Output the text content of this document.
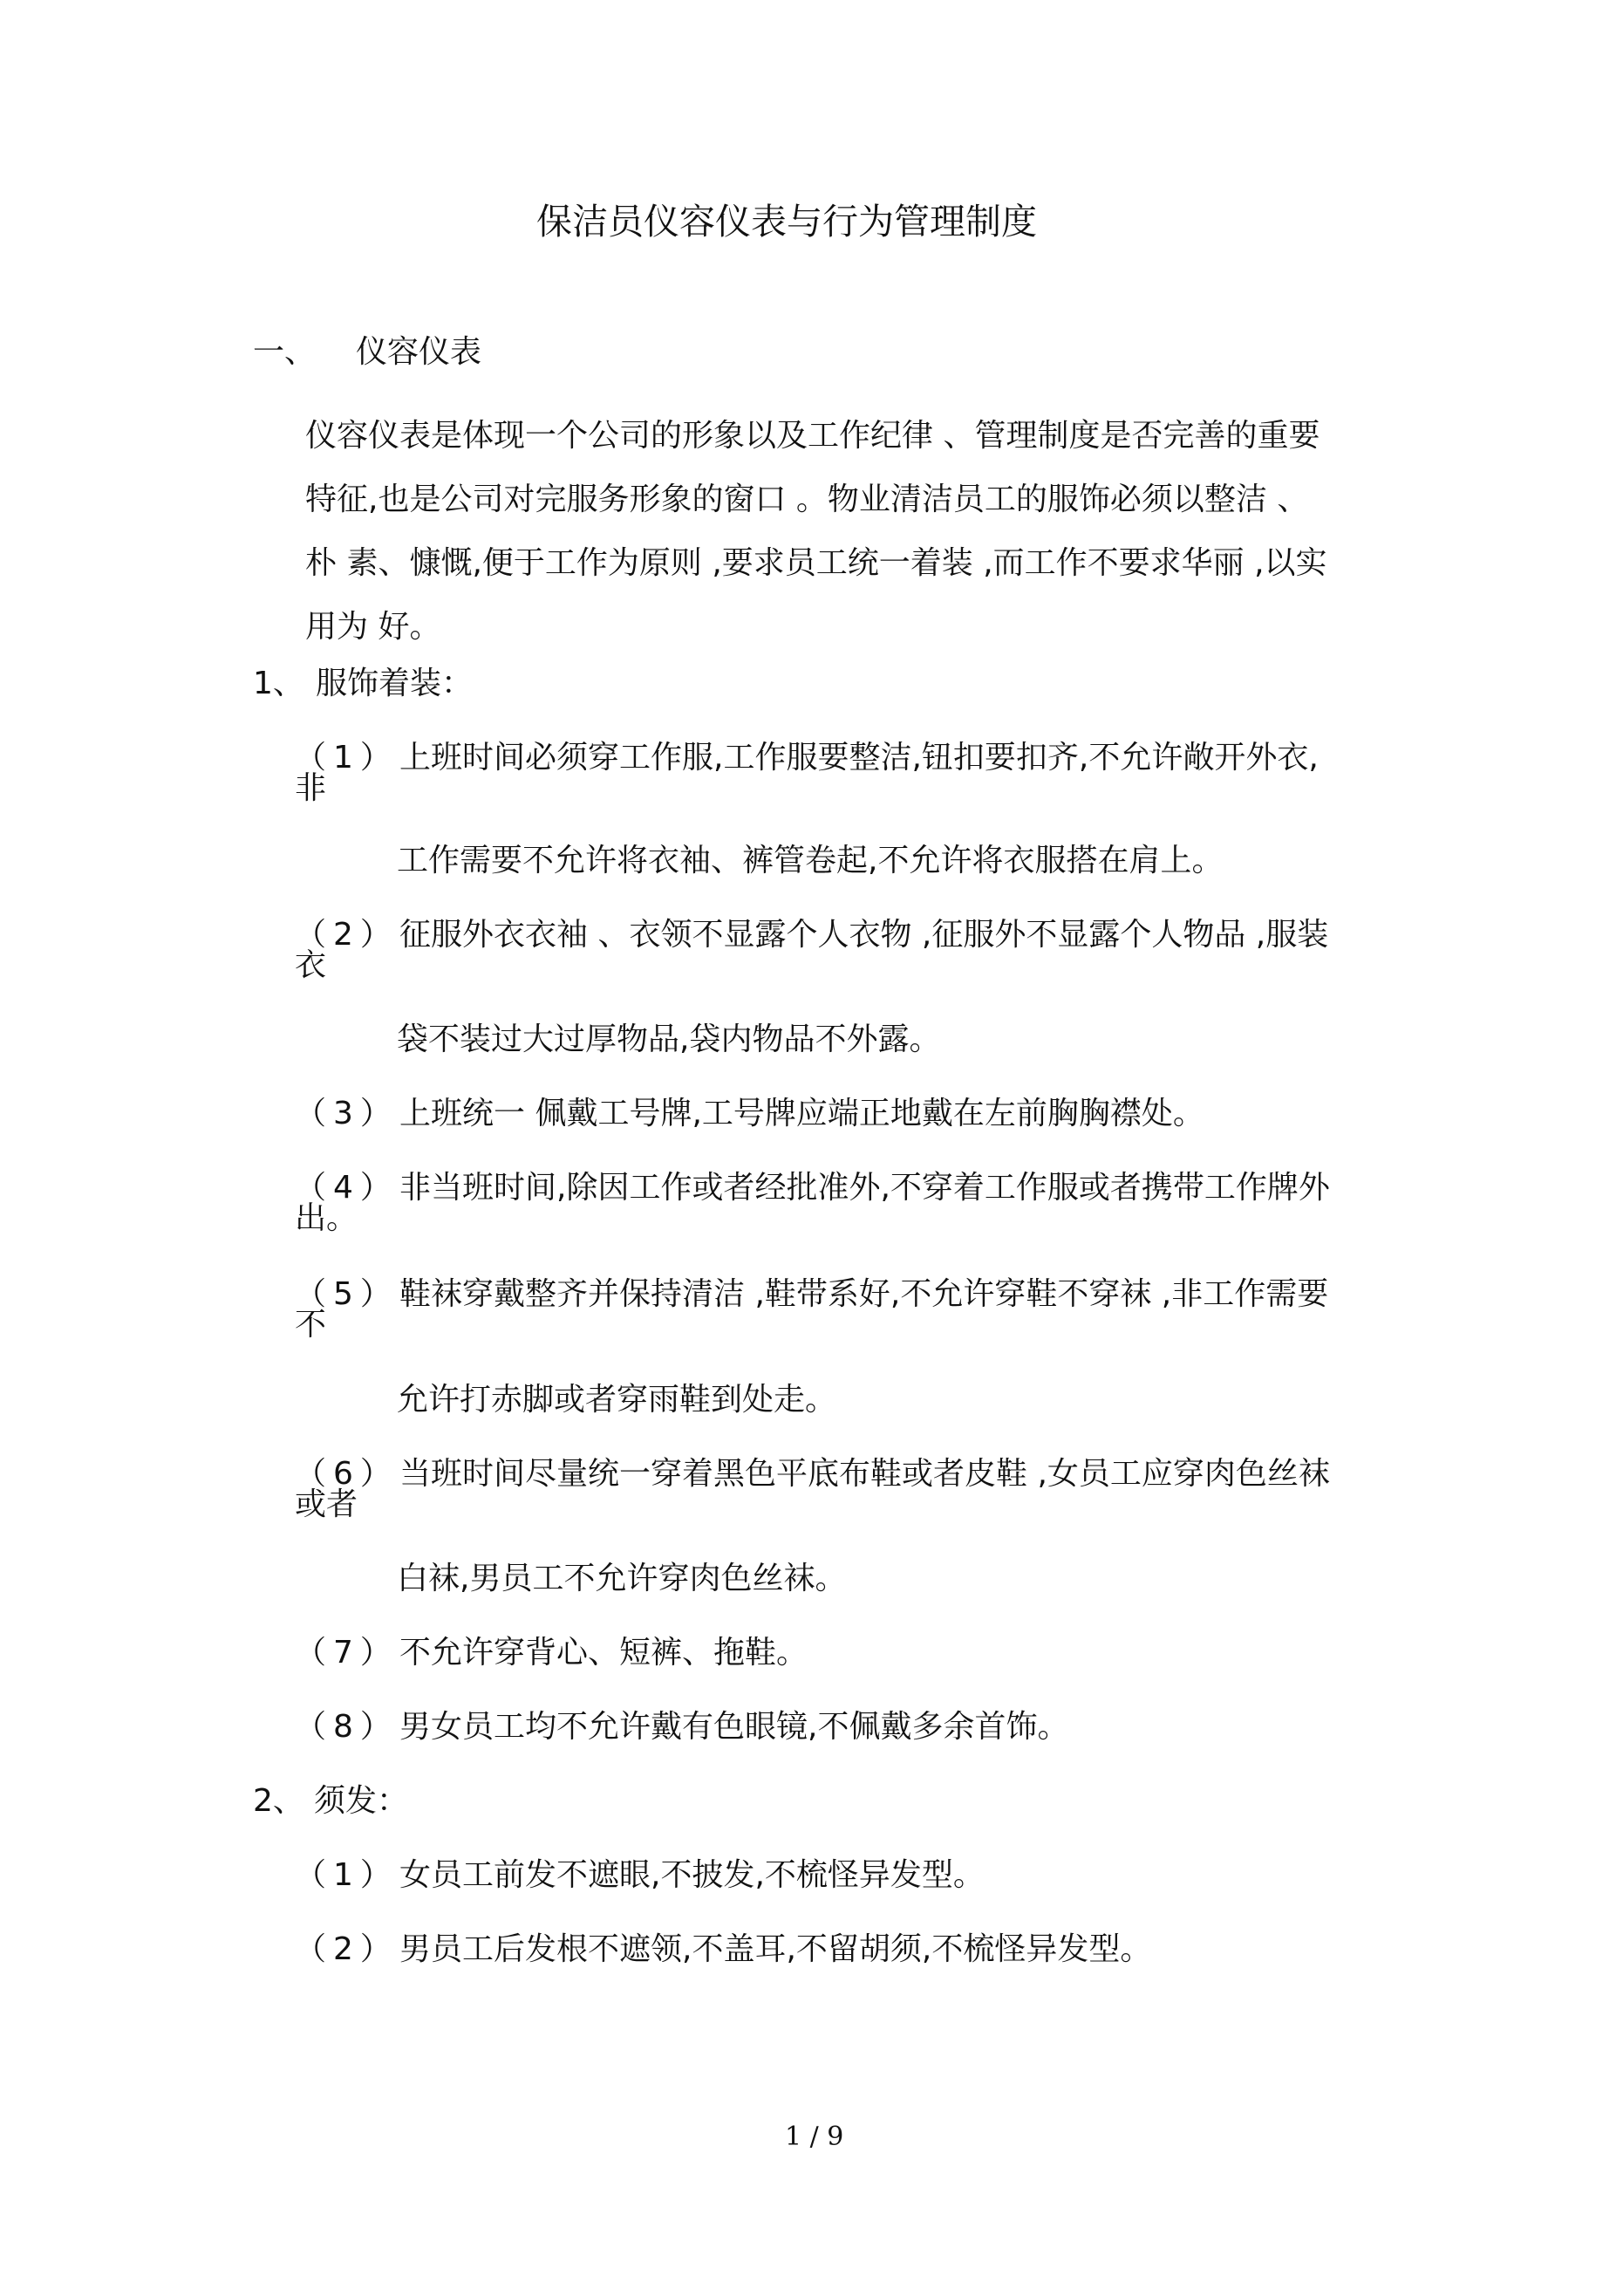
保洁员仪容仪表与行为管理制度
一、 仪容仪表
仪容仪表是体现一个公司的形象以及工作纪律 、管理制度是否完善的重要
特征,也是公司对完服务形象的窗口 。物业清洁员工的服饰必须以整洁 、
朴 素、慷慨,便于工作为原则 ,要求员工统一着装 ,而工作不要求华丽 ,以实
用为 好。
1、 服饰着装：
（1） 上班时间必须穿工作服,工作服要整洁,钮扣要扣齐,不允许敞开外衣,
非
工作需要不允许将衣袖、裤管卷起,不允许将衣服搭在肩上。
（2） 征服外衣衣袖 、衣领不显露个人衣物 ,征服外不显露个人物品 ,服装
衣
袋不装过大过厚物品,袋内物品不外露。
（3） 上班统一 佩戴工号牌,工号牌应端正地戴在左前胸胸襟处。
（4） 非当班时间,除因工作或者经批准外,不穿着工作服或者携带工作牌外
出。
（5） 鞋袜穿戴整齐并保持清洁 ,鞋带系好,不允许穿鞋不穿袜 ,非工作需要
不
允许打赤脚或者穿雨鞋到处走。
（6） 当班时间尽量统一穿着黑色平底布鞋或者皮鞋 ,女员工应穿肉色丝袜
或者
白袜,男员工不允许穿肉色丝袜。
（7） 不允许穿背心、短裤、拖鞋。
（8） 男女员工均不允许戴有色眼镜,不佩戴多余首饰。
2、 须发：
（1） 女员工前发不遮眼,不披发,不梳怪异发型。
（2） 男员工后发根不遮领,不盖耳,不留胡须,不梳怪异发型。
1 / 9
